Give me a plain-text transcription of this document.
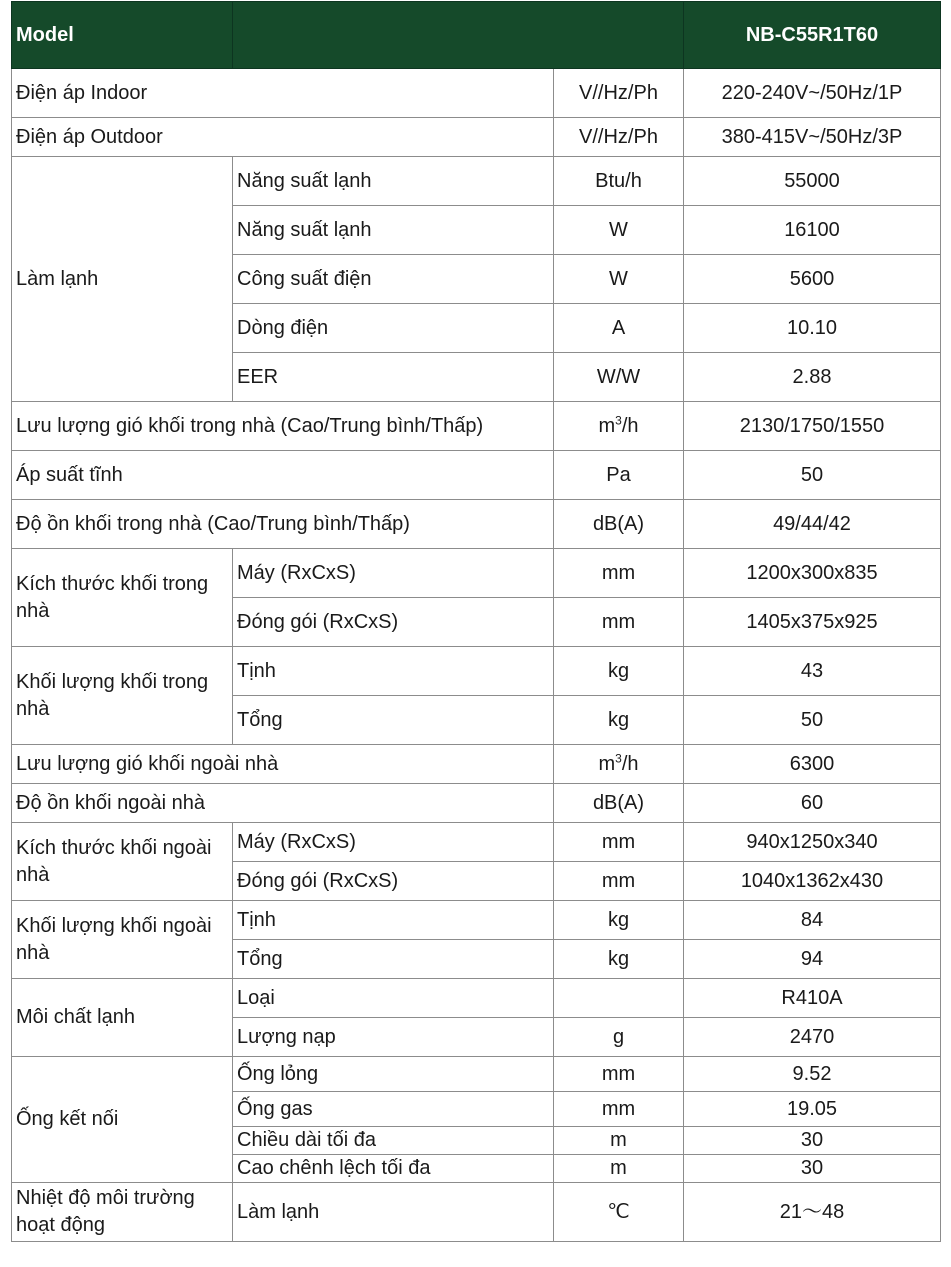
Model			NB-C55R1T60
Điện áp Indoor		V//Hz/Ph	220-240V~/50Hz/1P
Điện áp Outdoor		V//Hz/Ph	380-415V~/50Hz/3P
Làm lạnh	Năng suất lạnh	Btu/h	55000
	Năng suất lạnh	W	16100
	Công suất điện	W	5600
	Dòng điện	A	10.10
	EER	W/W	2.88
Lưu lượng gió khối trong nhà (Cao/Trung bình/Thấp)		$m^3/h$	2130/1750/1550
Áp suất tĩnh		Pa	50
Độ ồn khối trong nhà (Cao/Trung bình/Thấp)		dB(A)	49/44/42
Kích thước khối trong nhà	Máy (RxCxS)	mm	1200x300x835
	Đóng gói (RxCxS)	mm	1405x375x925
Khối lượng khối trong nhà	Tịnh	kg	43
	Tổng	kg	50
Lưu lượng gió khối ngoài nhà		$m^3/h$	6300
Độ ồn khối ngoài nhà		dB(A)	60
Kích thước khối ngoài nhà	Máy (RxCxS)	mm	940x1250x340
	Đóng gói (RxCxS)	mm	1040x1362x430
Khối lượng khối ngoài nhà	Tịnh	kg	84
	Tổng	kg	94
Môi chất lạnh	Loại		R410A
	Lượng nạp	g	2470
Ống kết nối	Ống lỏng	mm	9.52
	Ống gas	mm	19.05
	Chiều dài tối đa	m	30
	Cao chênh lệch tối đa	m	30
Nhiệt độ môi trường hoạt động	Làm lạnh	℃	21～48
